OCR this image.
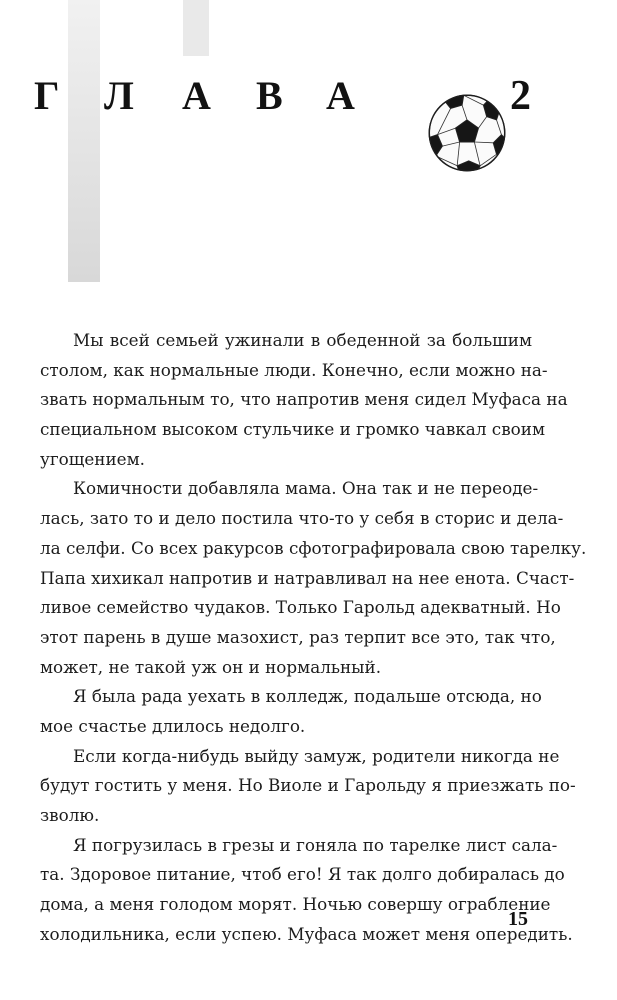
Г Л А В А	2
Мы всей семьей ужинали в обеденной за большим
столом, как нормальные люди. Конечно, если можно на-
звать нормальным то, что напротив меня сидел Муфаса на
специальном высоком стульчике и громко чавкал своим
угощением.
Комичности добавляла мама. Она так и не переоде-
лась, зато то и дело постила что-то у себя в сторис и дела-
ла селфи. Со всех ракурсов сфотографировала свою тарелку.
Папа хихикал напротив и натравливал на нее енота. Счаст-
ливое семейство чудаков. Только Гарольд адекватный. Но
этот парень в душе мазохист, раз терпит все это, так что,
может, не такой уж он и нормальный.
Я была рада уехать в колледж, подальше отсюда, но
мое счастье длилось недолго.
Если когда-нибудь выйду замуж, родители никогда не
будут гостить у меня. Но Виоле и Гарольду я приезжать по-
зволю.
Я погрузилась в грезы и гоняла по тарелке лист сала-
та. Здоровое питание, чтоб его! Я так долго добиралась до
дома, а меня голодом морят. Ночью совершу ограбление
холодильника, если успею. Муфаса может меня опередить.
15
